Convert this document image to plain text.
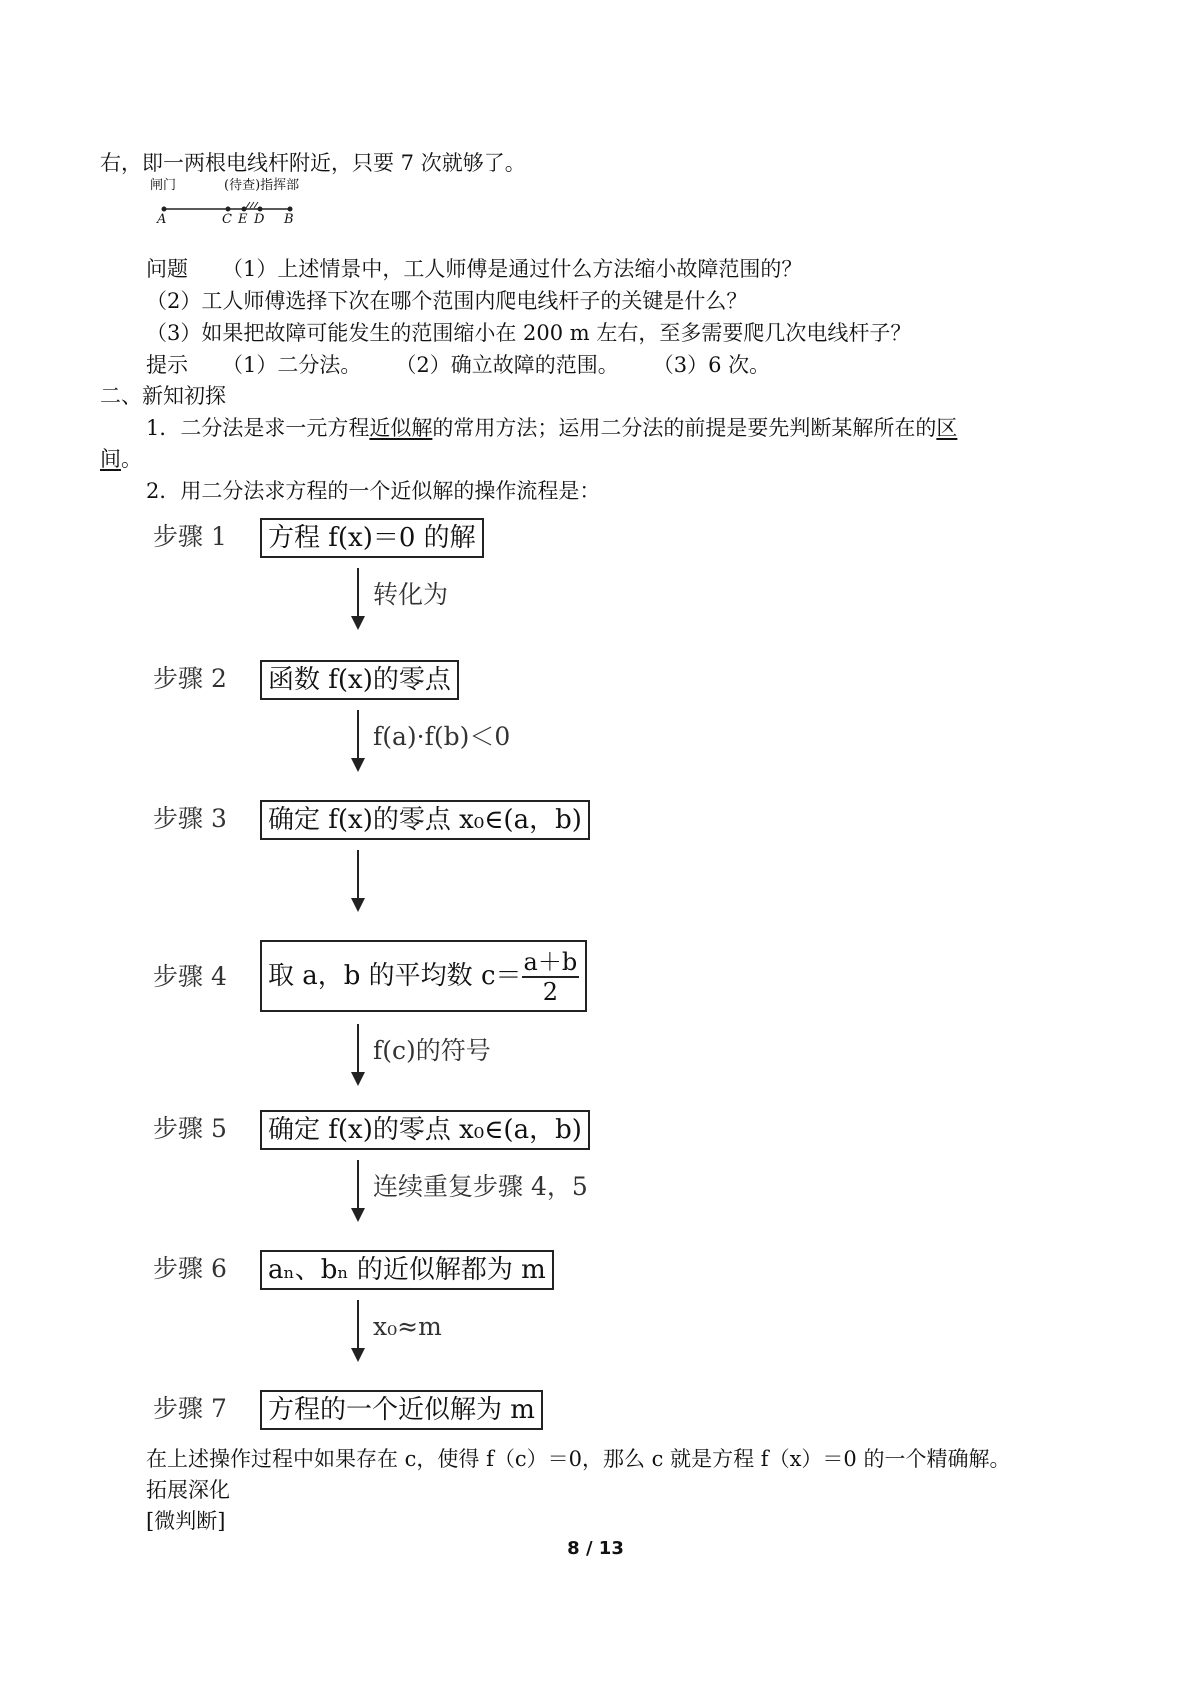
右，即一两根电线杆附近，只要 7 次就够了。
闸门	(待查)指挥部
A	C E D B
问题 （1）上述情景中，工人师傅是通过什么方法缩小故障范围的？
（2）工人师傅选择下次在哪个范围内爬电线杆子的关键是什么？
（3）如果把故障可能发生的范围缩小在 200 m 左右，至多需要爬几次电线杆子？
提示 （1）二分法。 （2）确立故障的范围。 （3）6 次。
二、新知初探
1．二分法是求一元方程近似解的常用方法；运用二分法的前提是要先判断某解所在的区
间。
2．用二分法求方程的一个近似解的操作流程是：
步骤 1	方程 f(x)＝0 的解
转化为
步骤 2	函数 f(x)的零点
f(a)·f(b)＜0
步骤 3	确定 f(x)的零点 x₀∈(a，b)
步骤 4	取 a，b 的平均数 $c= \frac{a+b}{2}$
f(c)的符号
步骤 5	确定 f(x)的零点 x₀∈(a，b)
连续重复步骤 4，5
步骤 6	aₙ、bₙ 的近似解都为 m
x₀≈m
步骤 7	方程的一个近似解为 m
在上述操作过程中如果存在 c，使得 f（c）＝0，那么 c 就是方程 f（x）＝0 的一个精确解。
拓展深化
[微判断]
8 / 13
